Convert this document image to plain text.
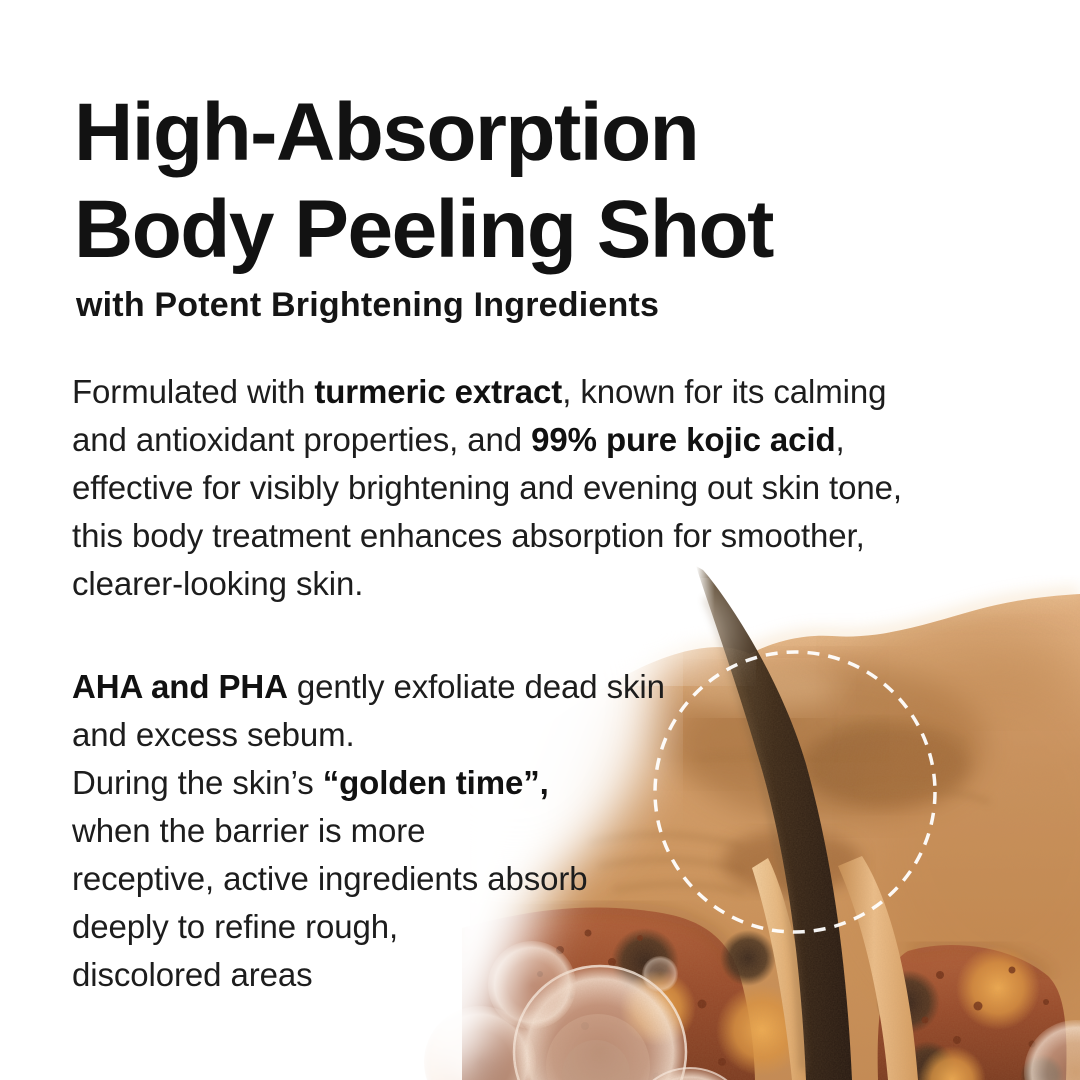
High-Absorption
Body Peeling Shot
with Potent Brightening Ingredients
Formulated with turmeric extract, known for its calming
and antioxidant properties, and 99% pure kojic acid,
effective for visibly brightening and evening out skin tone,
this body treatment enhances absorption for smoother,
clearer-looking skin.
AHA and PHA gently exfoliate dead skin
and excess sebum.
During the skin’s “golden time”,
when the barrier is more
receptive, active ingredients absorb
deeply to refine rough,
discolored areas
